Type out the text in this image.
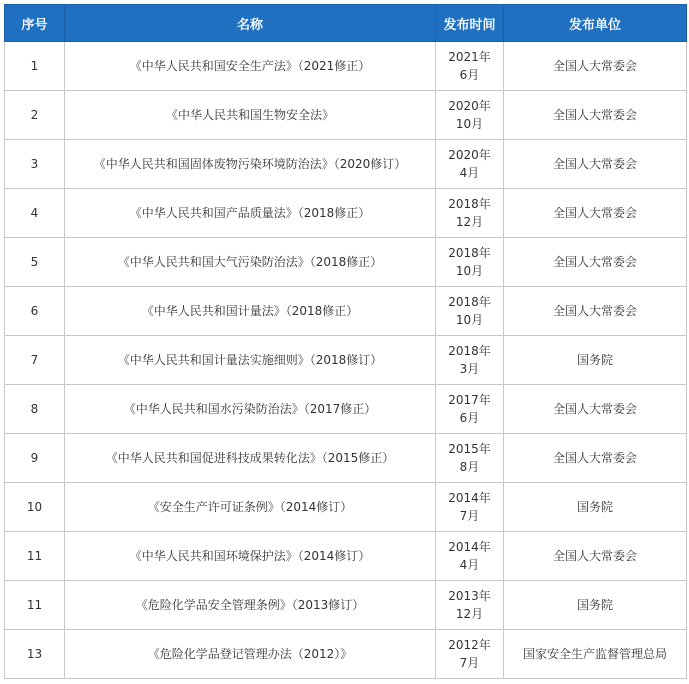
序号	名称	发布时间	发布单位
1	《中华人民共和国安全生产法》（2021修正）	2021年6月	全国人大常委会
2	《中华人民共和国生物安全法》	2020年10月	全国人大常委会
3	《中华人民共和国固体废物污染环境防治法》（2020修订）	2020年4月	全国人大常委会
4	《中华人民共和国产品质量法》（2018修正）	2018年12月	全国人大常委会
5	《中华人民共和国大气污染防治法》（2018修正）	2018年10月	全国人大常委会
6	《中华人民共和国计量法》（2018修正）	2018年10月	全国人大常委会
7	《中华人民共和国计量法实施细则》（2018修订）	2018年3月	国务院
8	《中华人民共和国水污染防治法》（2017修正）	2017年6月	全国人大常委会
9	《中华人民共和国促进科技成果转化法》（2015修正）	2015年8月	全国人大常委会
10	《安全生产许可证条例》（2014修订）	2014年7月	国务院
11	《中华人民共和国环境保护法》（2014修订）	2014年4月	全国人大常委会
11	《危险化学品安全管理条例》（2013修订）	2013年12月	国务院
13	《危险化学品登记管理办法（2012）》	2012年7月	国家安全生产监督管理总局
